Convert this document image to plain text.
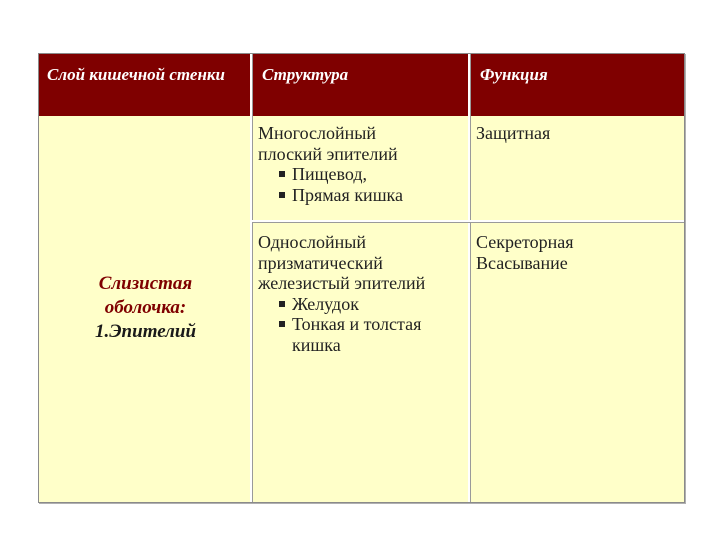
Слой кишечной стенки	Структура	Функция
Слизистая
оболочка:
1.Эпителий
Многослойный
плоский эпителий
Пищевод,
Прямая кишка
Защитная
Однослойный
призматический
железистый эпителий
Желудок
Тонкая и толстая кишка
Секреторная
Всасывание
